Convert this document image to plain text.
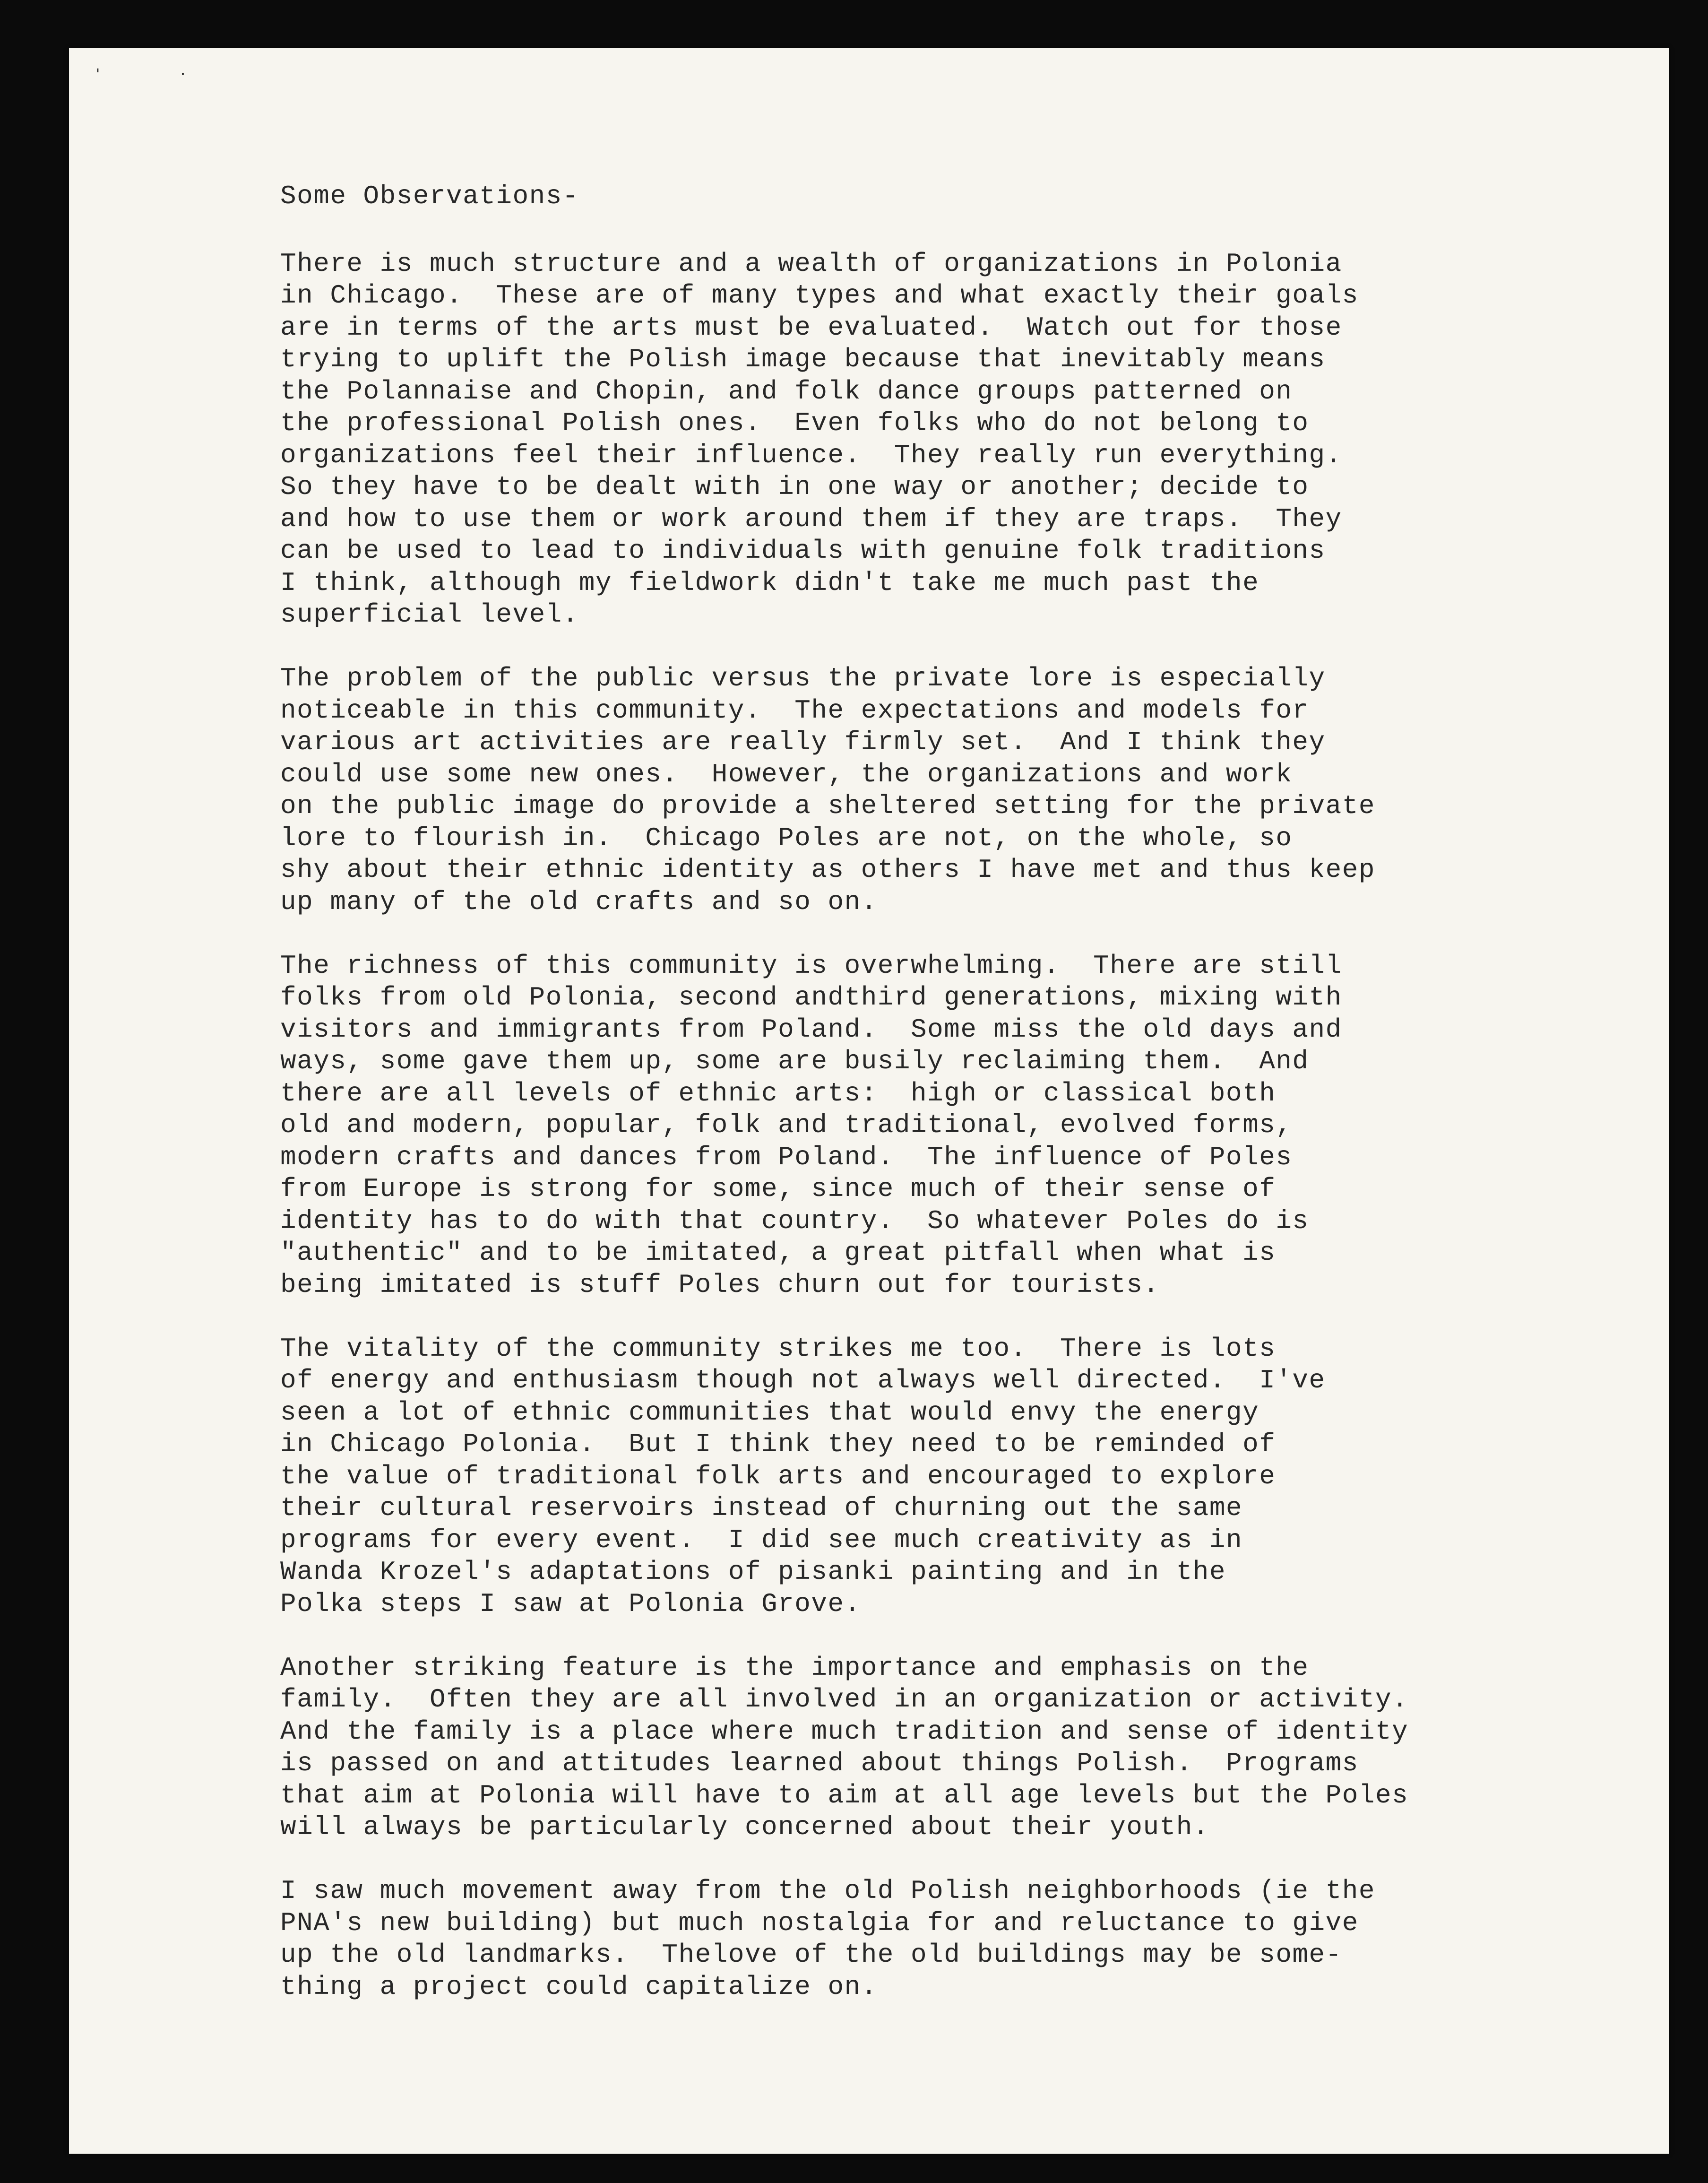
'	·
Some Observations-
There is much structure and a wealth of organizations in Polonia
in Chicago.  These are of many types and what exactly their goals
are in terms of the arts must be evaluated.  Watch out for those
trying to uplift the Polish image because that inevitably means
the Polannaise and Chopin, and folk dance groups patterned on
the professional Polish ones.  Even folks who do not belong to
organizations feel their influence.  They really run everything.
So they have to be dealt with in one way or another; decide to
and how to use them or work around them if they are traps.  They
can be used to lead to individuals with genuine folk traditions
I think, although my fieldwork didn't take me much past the
superficial level.
The problem of the public versus the private lore is especially
noticeable in this community.  The expectations and models for
various art activities are really firmly set.  And I think they
could use some new ones.  However, the organizations and work
on the public image do provide a sheltered setting for the private
lore to flourish in.  Chicago Poles are not, on the whole, so
shy about their ethnic identity as others I have met and thus keep
up many of the old crafts and so on.
The richness of this community is overwhelming.  There are still
folks from old Polonia, second andthird generations, mixing with
visitors and immigrants from Poland.  Some miss the old days and
ways, some gave them up, some are busily reclaiming them.  And
there are all levels of ethnic arts:  high or classical both
old and modern, popular, folk and traditional, evolved forms,
modern crafts and dances from Poland.  The influence of Poles
from Europe is strong for some, since much of their sense of
identity has to do with that country.  So whatever Poles do is
"authentic" and to be imitated, a great pitfall when what is
being imitated is stuff Poles churn out for tourists.
The vitality of the community strikes me too.  There is lots
of energy and enthusiasm though not always well directed.  I've
seen a lot of ethnic communities that would envy the energy
in Chicago Polonia.  But I think they need to be reminded of
the value of traditional folk arts and encouraged to explore
their cultural reservoirs instead of churning out the same
programs for every event.  I did see much creativity as in
Wanda Krozel's adaptations of pisanki painting and in the
Polka steps I saw at Polonia Grove.
Another striking feature is the importance and emphasis on the
family.  Often they are all involved in an organization or activity.
And the family is a place where much tradition and sense of identity
is passed on and attitudes learned about things Polish.  Programs
that aim at Polonia will have to aim at all age levels but the Poles
will always be particularly concerned about their youth.
I saw much movement away from the old Polish neighborhoods (ie the
PNA's new building) but much nostalgia for and reluctance to give
up the old landmarks.  Thelove of the old buildings may be some-
thing a project could capitalize on.
